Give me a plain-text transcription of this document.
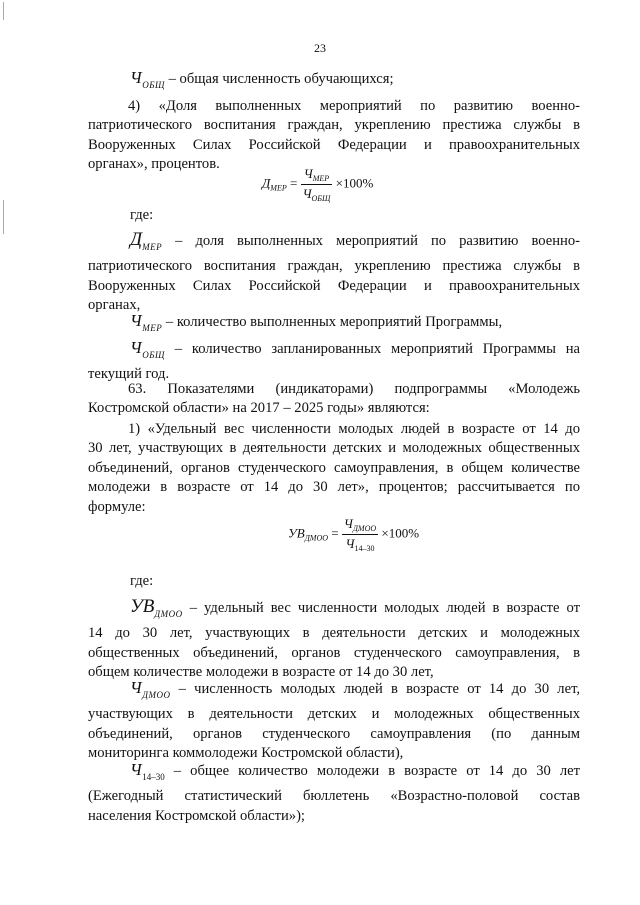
23
$Ч_{ОБЩ}$ – общая численность обучающихся;
4) «Доля выполненных мероприятий по развитию военно-
патриотического воспитания граждан, укреплению престижа службы в
Вооруженных Силах Российской Федерации и правоохранительных
органах», процентов.
$Д_{МЕР} = \frac{Ч_{МЕР}}{Ч_{ОБЩ}} \times 100\%$
где:
$Д_{МЕР}$ – доля выполненных мероприятий по развитию военно-
патриотического воспитания граждан, укреплению престижа службы в
Вооруженных Силах Российской Федерации и правоохранительных
органах,
$Ч_{МЕР}$ – количество выполненных мероприятий Программы,
$Ч_{ОБЩ}$ – количество запланированных мероприятий Программы на
текущий год.
63. Показателями (индикаторами) подпрограммы «Молодежь
Костромской области» на 2017 – 2025 годы» являются:
1) «Удельный вес численности молодых людей в возрасте от 14 до
30 лет, участвующих в деятельности детских и молодежных общественных
объединений, органов студенческого самоуправления, в общем количестве
молодежи в возрасте от 14 до 30 лет», процентов; рассчитывается по
формуле:
$УВ_{ДМОО} = \frac{Ч_{ДМОО}}{Ч_{14-30}} \times 100\%$
где:
$УВ_{ДМОО}$ – удельный вес численности молодых людей в возрасте от
14 до 30 лет, участвующих в деятельности детских и молодежных
общественных объединений, органов студенческого самоуправления, в
общем количестве молодежи в возрасте от 14 до 30 лет,
$Ч_{ДМОО}$ – численность молодых людей в возрасте от 14 до 30 лет,
участвующих в деятельности детских и молодежных общественных
объединений, органов студенческого самоуправления (по данным
мониторинга коммолодежи Костромской области),
$Ч_{14-30}$ – общее количество молодежи в возрасте от 14 до 30 лет
(Ежегодный статистический бюллетень «Возрастно-половой состав
населения Костромской области»);
